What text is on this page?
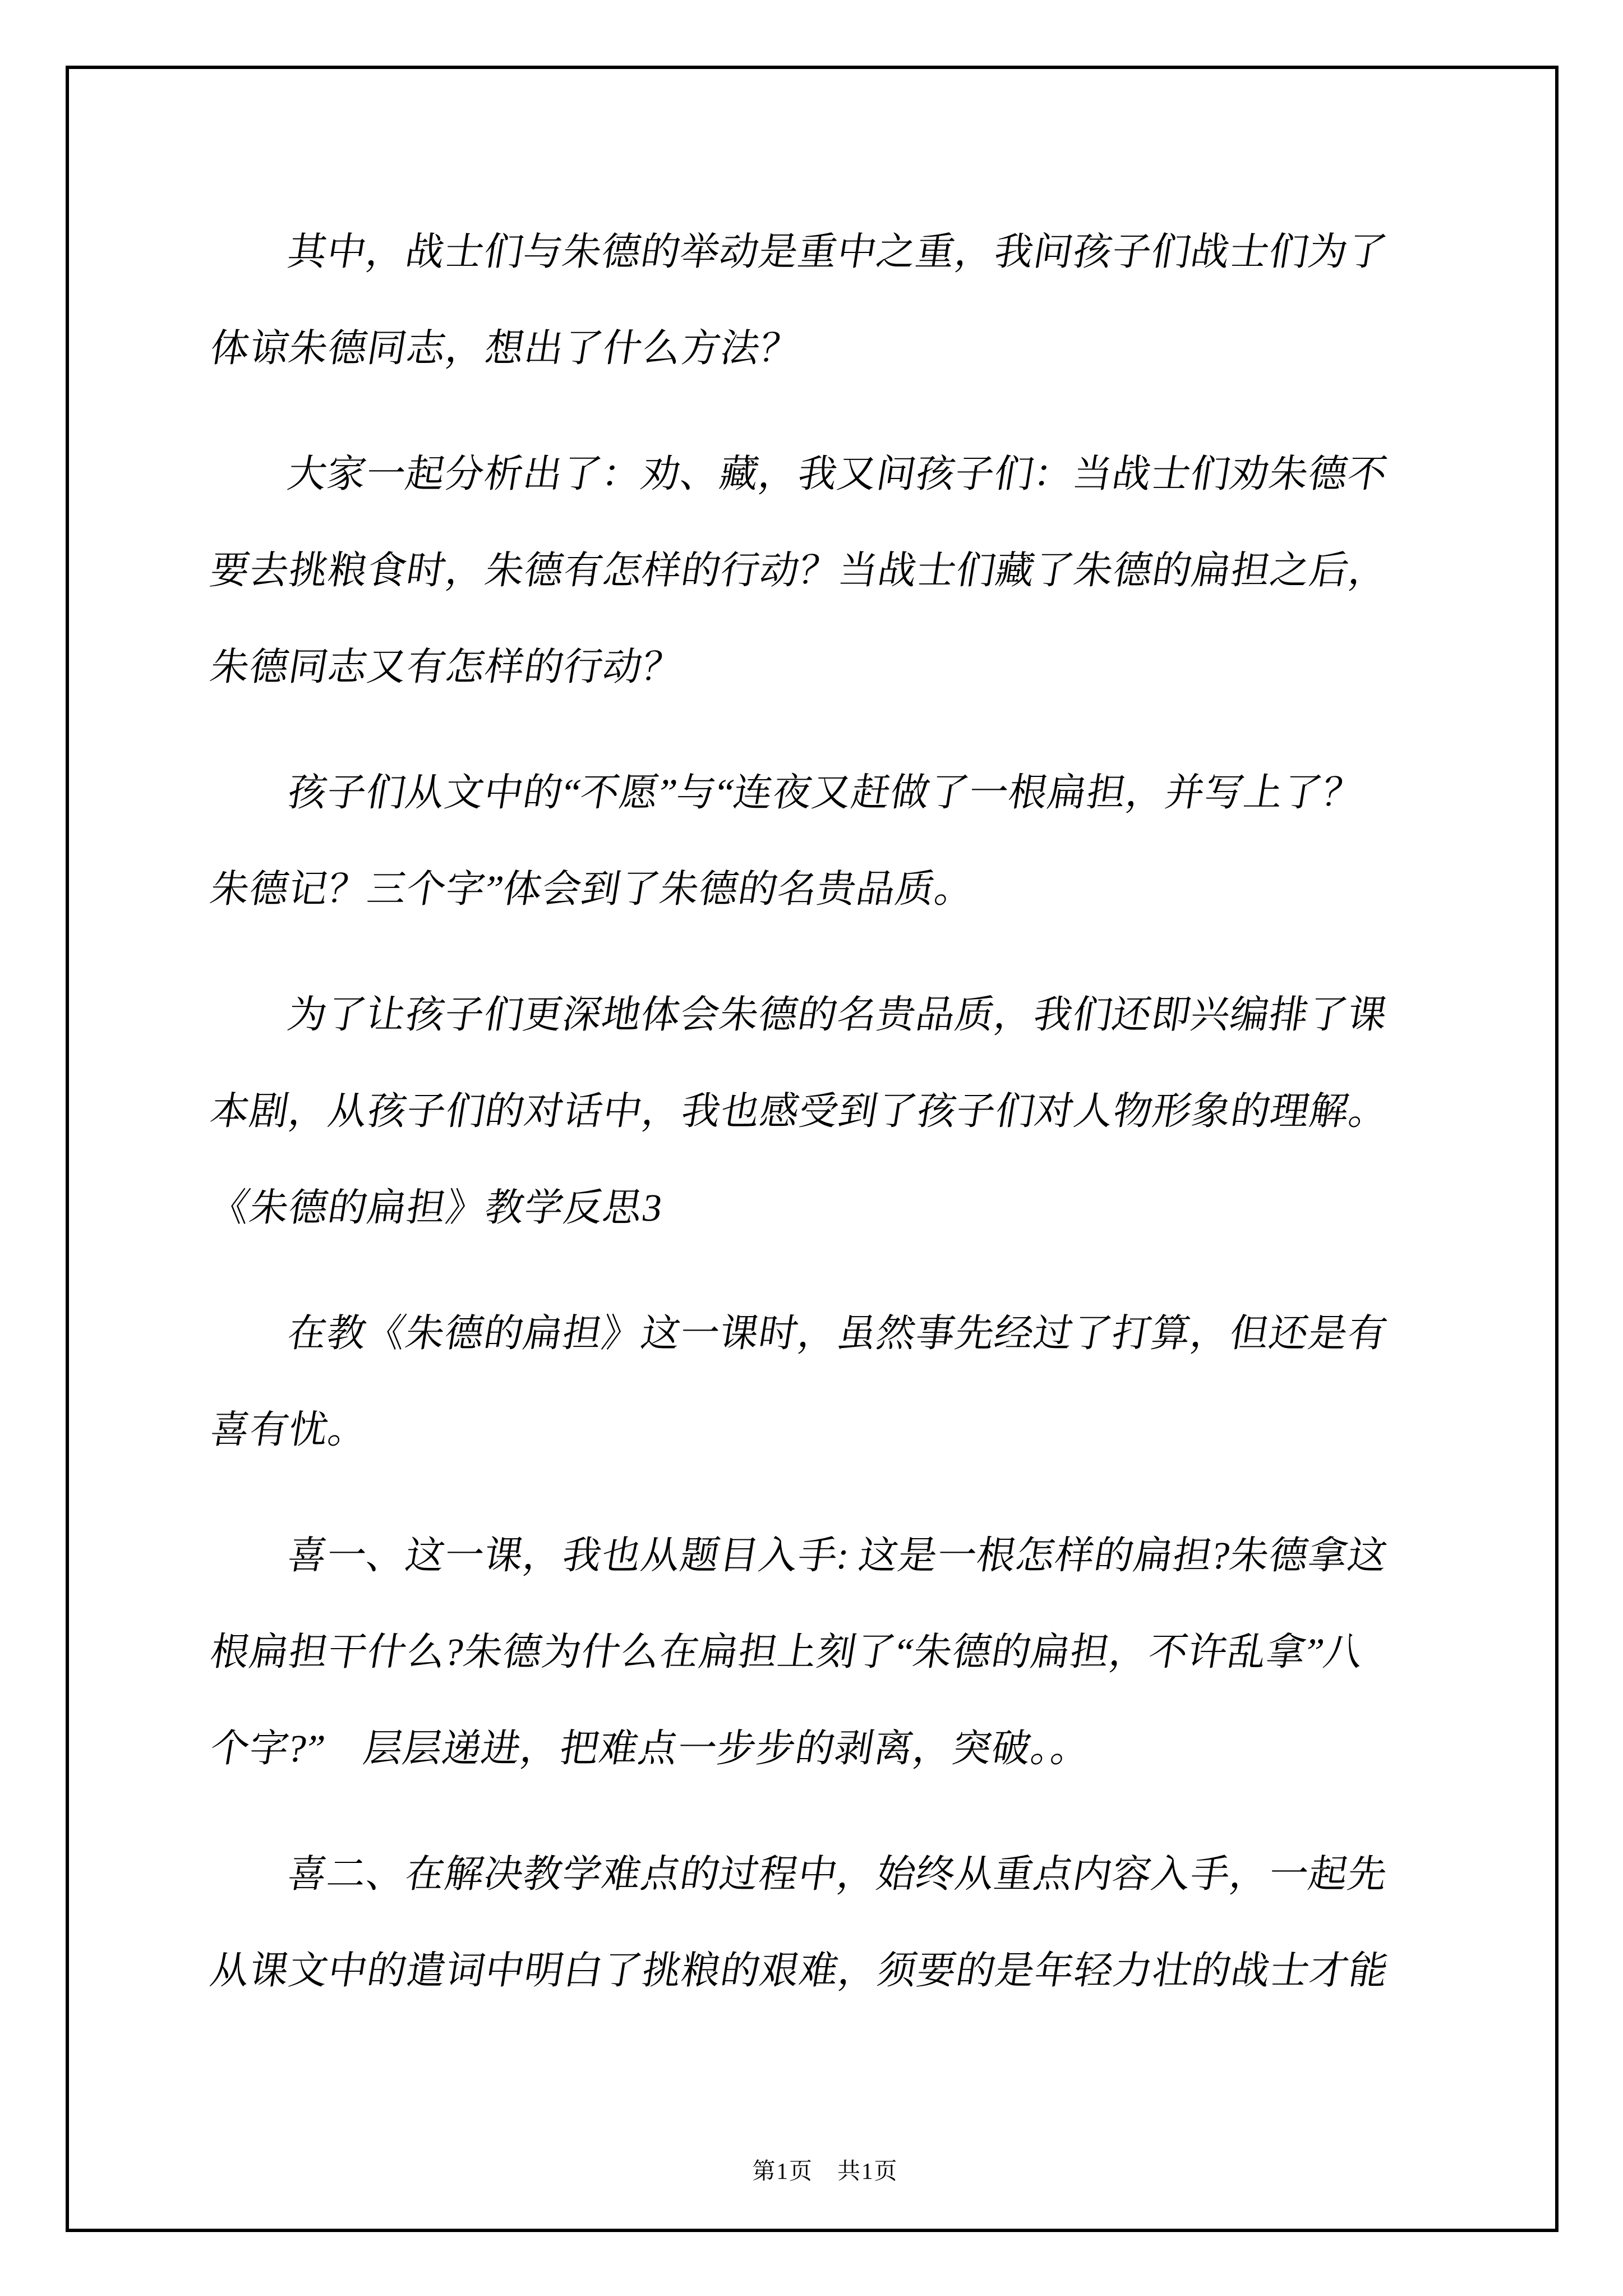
其中，战士们与朱德的举动是重中之重，我问孩子们战士们为了
体谅朱德同志，想出了什么方法？
大家一起分析出了：劝、藏，我又问孩子们：当战士们劝朱德不
要去挑粮食时，朱德有怎样的行动？当战士们藏了朱德的扁担之后，
朱德同志又有怎样的行动？
孩子们从文中的“不愿”与“连夜又赶做了一根扁担，并写上了？
朱德记？三个字”体会到了朱德的名贵品质。
为了让孩子们更深地体会朱德的名贵品质，我们还即兴编排了课
本剧，从孩子们的对话中，我也感受到了孩子们对人物形象的理解。
《朱德的扁担》教学反思3
在教《朱德的扁担》这一课时，虽然事先经过了打算，但还是有
喜有忧。
喜一、这一课，我也从题目入手: 这是一根怎样的扁担?朱德拿这
根扁担干什么?朱德为什么在扁担上刻了“朱德的扁担，不许乱拿”八
个字?”　层层递进，把难点一步步的剥离，突破。。
喜二、在解决教学难点的过程中，始终从重点内容入手，一起先
从课文中的遣词中明白了挑粮的艰难，须要的是年轻力壮的战士才能

第1页　共1页
